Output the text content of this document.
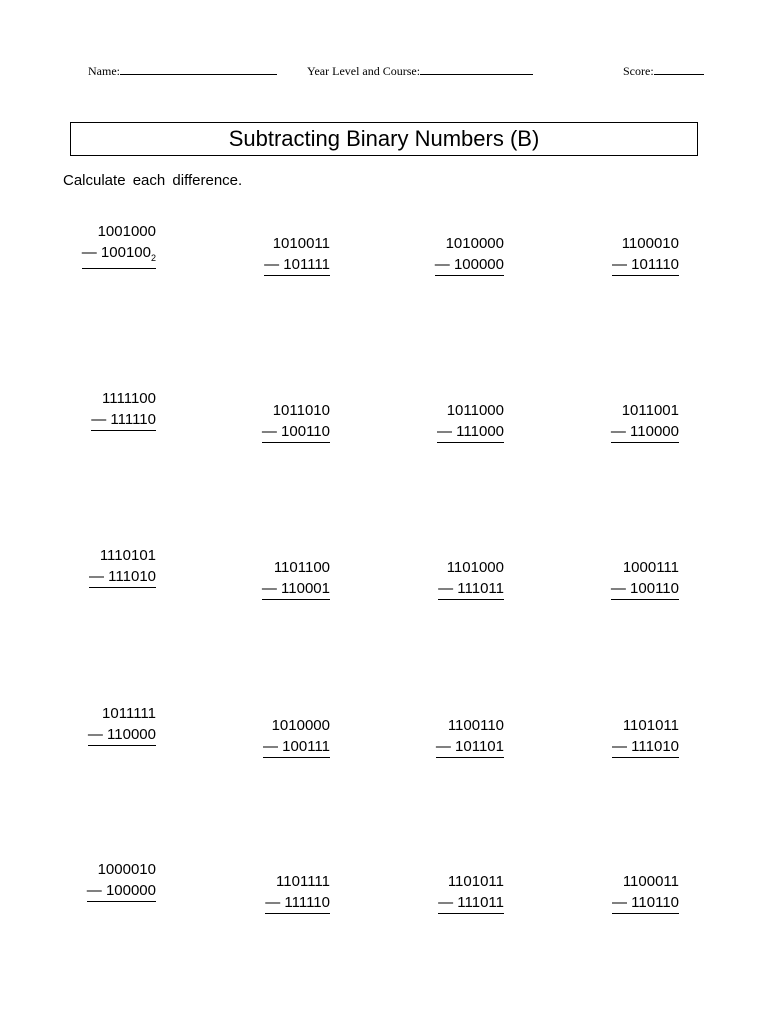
Name:	Year Level and Course:	Score:
Subtracting Binary Numbers (B)
Calculate each difference.
1001000
— $100100_2$
1010011
— 101111
1010000
— 100000
1100010
— 101110
1111100
— 111110
1011010
— 100110
1011000
— 111000
1011001
— 110000
1110101
— 111010
1101100
— 110001
1101000
— 111011
1000111
— 100110
1011111
— 110000
1010000
— 100111
1100110
— 101101
1101011
— 111010
1000010
— 100000
1101111
— 111110
1101011
— 111011
1100011
— 110110
